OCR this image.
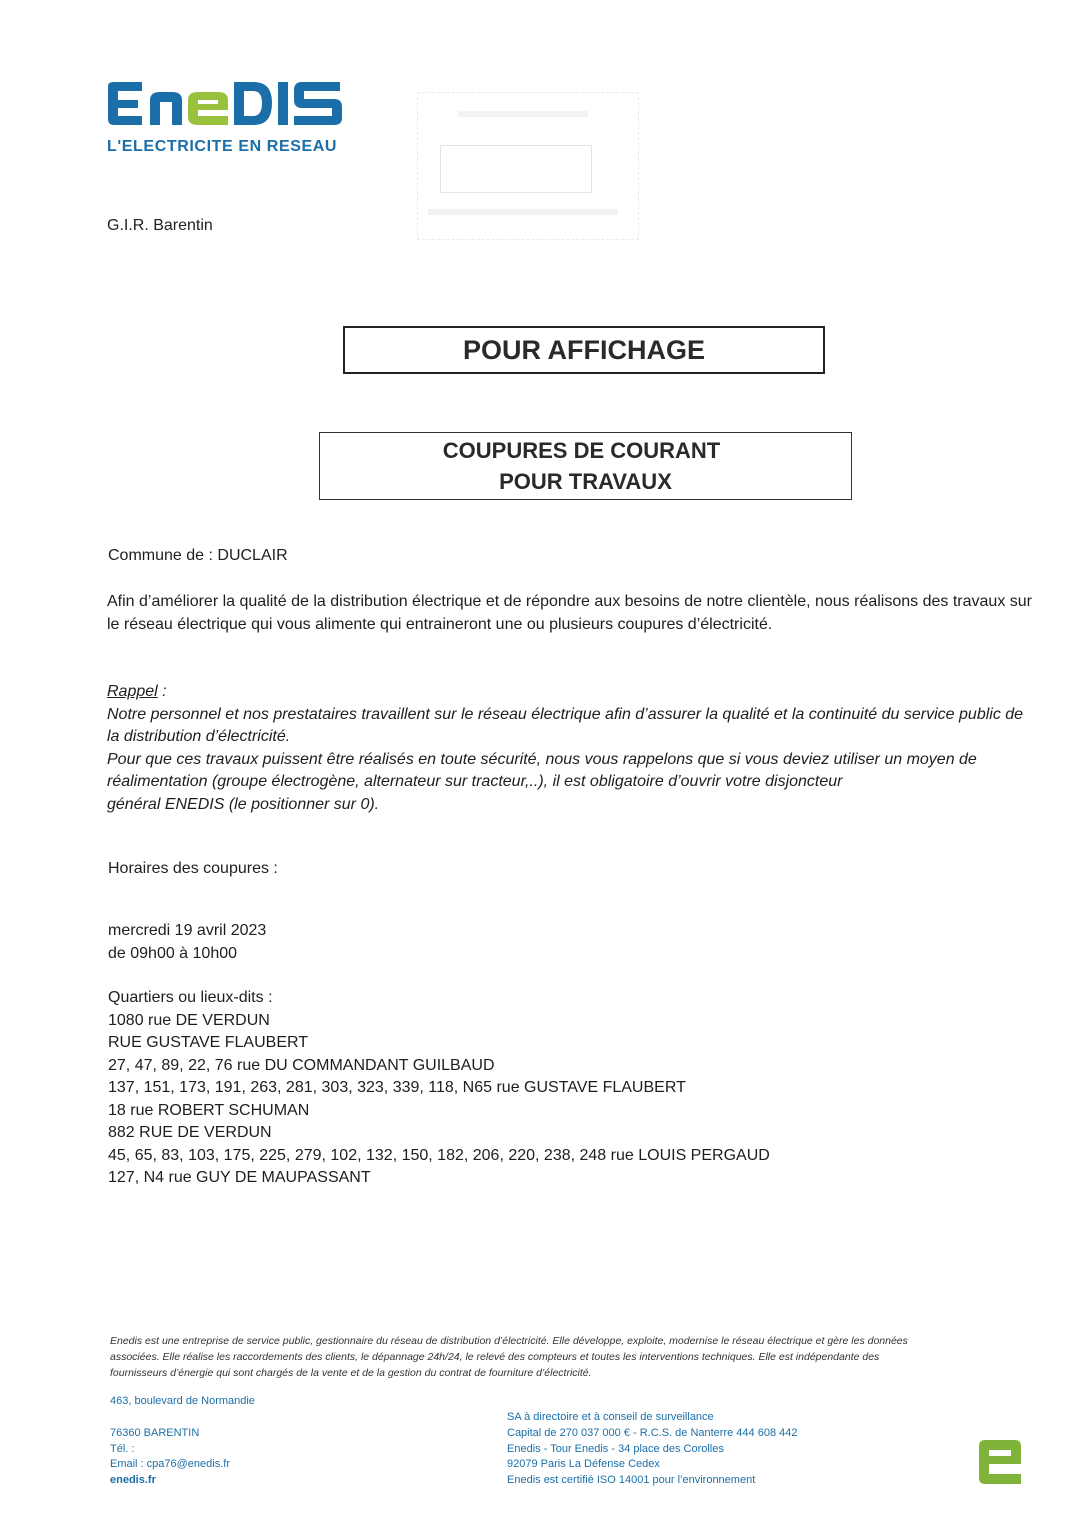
L'ELECTRICITE EN RESEAU
G.I.R. Barentin
POUR AFFICHAGE
COUPURES DE COURANT
POUR TRAVAUX
Commune de : DUCLAIR
Afin d’améliorer la qualité de la distribution électrique et de répondre aux besoins de notre clientèle, nous réalisons des travaux sur le réseau électrique qui vous alimente qui entraineront une ou plusieurs coupures d’électricité.
Rappel :
Notre personnel et nos prestataires travaillent sur le réseau électrique afin d’assurer la qualité et la continuité du service public de la distribution d’électricité.
Pour que ces travaux puissent être réalisés en toute sécurité, nous vous rappelons que si vous deviez utiliser un moyen de réalimentation (groupe électrogène, alternateur sur tracteur,..), il est obligatoire d’ouvrir votre disjoncteur
général ENEDIS (le positionner sur 0).
Horaires des coupures :
mercredi 19 avril 2023
de 09h00 à 10h00
Quartiers ou lieux-dits :
1080 rue DE VERDUN
RUE GUSTAVE FLAUBERT
27, 47, 89, 22, 76 rue DU COMMANDANT GUILBAUD
137, 151, 173, 191, 263, 281, 303, 323, 339, 118, N65 rue GUSTAVE FLAUBERT
18 rue ROBERT SCHUMAN
882 RUE DE VERDUN
45, 65, 83, 103, 175, 225, 279, 102, 132, 150, 182, 206, 220, 238, 248 rue LOUIS PERGAUD
127, N4 rue GUY DE MAUPASSANT
Enedis est une entreprise de service public, gestionnaire du réseau de distribution d’électricité. Elle développe, exploite, modernise le réseau électrique et gère les données
associées. Elle réalise les raccordements des clients, le dépannage 24h/24, le relevé des compteurs et toutes les interventions techniques. Elle est indépendante des
fournisseurs d’énergie qui sont chargés de la vente et de la gestion du contrat de fourniture d’électricité.
463, boulevard de Normandie
76360 BARENTIN
Tél. :
Email : cpa76@enedis.fr
enedis.fr
SA à directoire et à conseil de surveillance
Capital de 270 037 000 € - R.C.S. de Nanterre 444 608 442
Enedis - Tour Enedis - 34 place des Corolles
92079 Paris La Défense Cedex
Enedis est certifié ISO 14001 pour l’environnement
